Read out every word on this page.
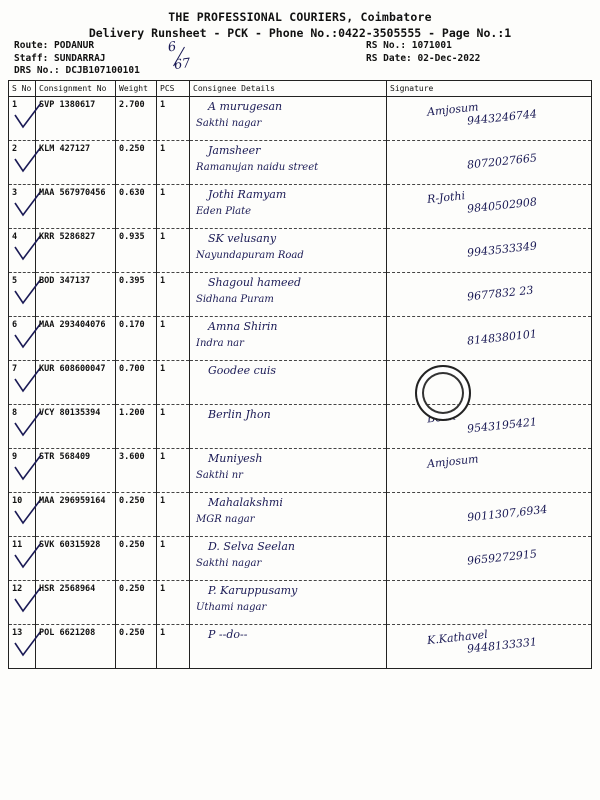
THE PROFESSIONAL COURIERS, Coimbatore
Delivery Runsheet - PCK - Phone No.:0422-3505555 - Page No.:1
Route: PODANUR
Staff: SUNDARRAJ
DRS No.: DCJB107100101
RS No.: 1071001
RS Date: 02-Dec-2022
6
67
S No	Consignment No	Weight	PCS	Consignee Details	Signature
1	SVP 1380617	2.700	1	A murugesan
Sakthi nagar	Amjosum
9443246744

2	KLM 427127	0.250	1	Jamsheer
Ramanujan naidu street	8072027665

3	MAA 567970456	0.630	1	Jothi Ramyam
Eden Plate	R-Jothi 9840502908

4	KRR 5286827	0.935	1	SK velusany
Nayundapuram Road	9943533349

5	BOD 347137	0.395	1	Shagoul hameed
Sidhana Puram	9677832 23

6	MAA 293404076	0.170	1	Amna Shirin
Indra nar	8148380101

7	KUR 608600047	0.700	1	Goodee cuis	

8	VCY 80135394	1.200	1	Berlin Jhon	Bohn 9543195421

9	STR 568409	3.600	1	Muniyesh
Sakthi nr	Amjosum

10	MAA 296959164	0.250	1	Mahalakshmi
MGR nagar	9011307,6934

11	SVK 60315928	0.250	1	D. Selva Seelan
Sakthi nagar	9659272915

12	HSR 2568964	0.250	1	P. Karuppusamy
Uthami nagar	

13	POL 6621208	0.250	1	P --do--	K.Kathavel
9448133331
